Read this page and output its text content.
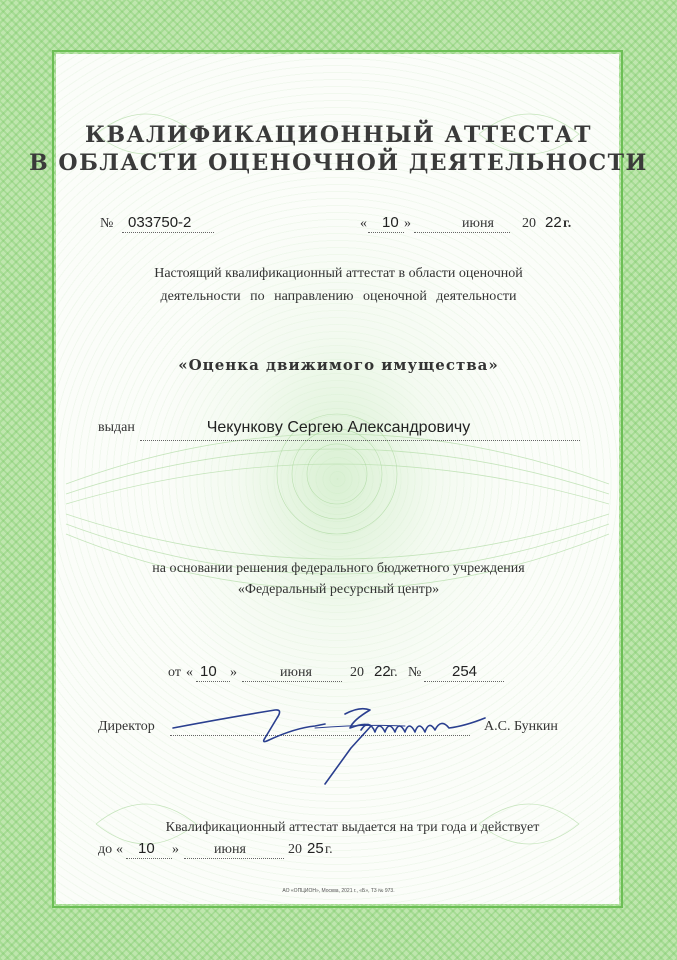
КВАЛИФИКАЦИОННЫЙ АТТЕСТАТ
В ОБЛАСТИ ОЦЕНОЧНОЙ ДЕЯТЕЛЬНОСТИ
№ 033750-2	« 10 »	июня 20 22 г.
Настоящий квалификационный аттестат в области оценочной
деятельности по направлению оценочной деятельности
«Оценка движимого имущества»
выдан	Чекунковy Сергею Александровичу
на основании решения федерального бюджетного учреждения
«Федеральный ресурсный центр»
от « 10 »	июня	20 22 г. № 254
Директор	А.С. Бункин
Квалификационный аттестат выдается на три года и действует
до « 10 »	июня	20 25 г.
АО «ОПЦИОН», Москва, 2021 г., «Б», Т3 № 973.
